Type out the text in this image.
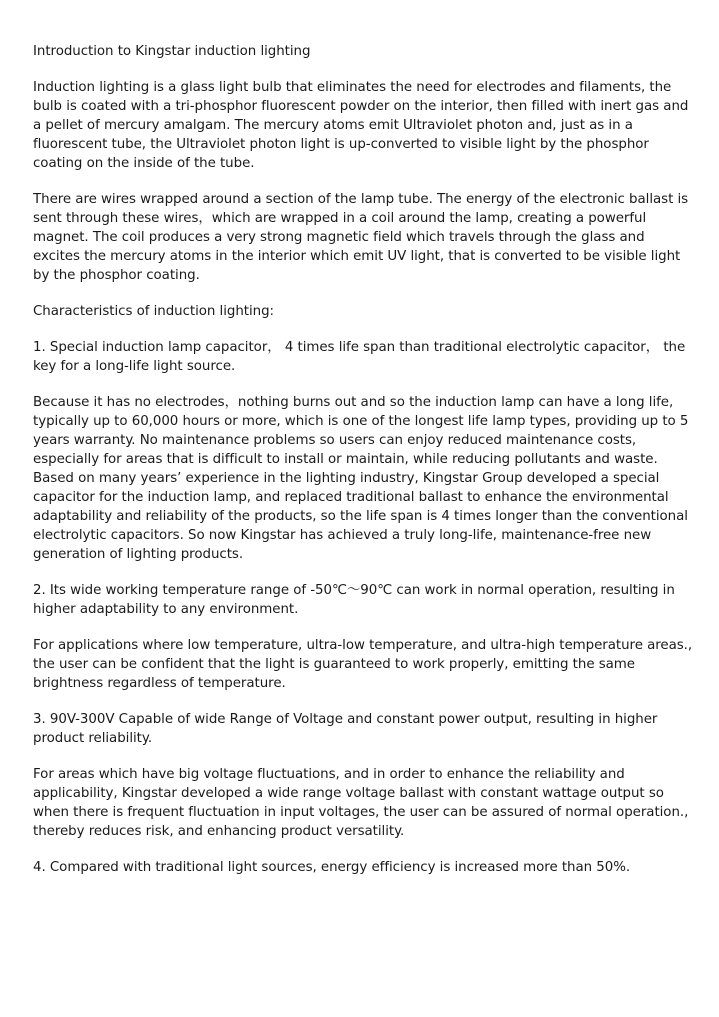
Introduction to Kingstar induction lighting

Induction lighting is a glass light bulb that eliminates the need for electrodes and filaments, the bulb is coated with a tri-phosphor fluorescent powder on the interior, then filled with inert gas and a pellet of mercury amalgam. The mercury atoms emit Ultraviolet photon and, just as in a fluorescent tube, the Ultraviolet photon light is up-converted to visible light by the phosphor coating on the inside of the tube.

There are wires wrapped around a section of the lamp tube. The energy of the electronic ballast is sent through these wires，which are wrapped in a coil around the lamp, creating a powerful magnet. The coil produces a very strong magnetic field which travels through the glass and excites the mercury atoms in the interior which emit UV light, that is converted to be visible light by the phosphor coating.

Characteristics of induction lighting:

1. Special induction lamp capacitor， 4 times life span than traditional electrolytic capacitor， the key for a long-life light source.

Because it has no electrodes，nothing burns out and so the induction lamp can have a long life, typically up to 60,000 hours or more, which is one of the longest life lamp types, providing up to 5 years warranty. No maintenance problems so users can enjoy reduced maintenance costs, especially for areas that is difficult to install or maintain, while reducing pollutants and waste. Based on many years’ experience in the lighting industry, Kingstar Group developed a special capacitor for the induction lamp, and replaced traditional ballast to enhance the environmental adaptability and reliability of the products, so the life span is 4 times longer than the conventional electrolytic capacitors. So now Kingstar has achieved a truly long-life, maintenance-free new generation of lighting products.

2. Its wide working temperature range of -50℃～90℃ can work in normal operation, resulting in higher adaptability to any environment.

For applications where low temperature, ultra-low temperature, and ultra-high temperature areas., the user can be confident that the light is guaranteed to work properly, emitting the same brightness regardless of temperature.

3. 90V-300V Capable of wide Range of Voltage and constant power output, resulting in higher product reliability.

For areas which have big voltage fluctuations, and in order to enhance the reliability and applicability, Kingstar developed a wide range voltage ballast with constant wattage output so when there is frequent fluctuation in input voltages, the user can be assured of normal operation., thereby reduces risk, and enhancing product versatility.

4. Compared with traditional light sources, energy efficiency is increased more than 50%.
